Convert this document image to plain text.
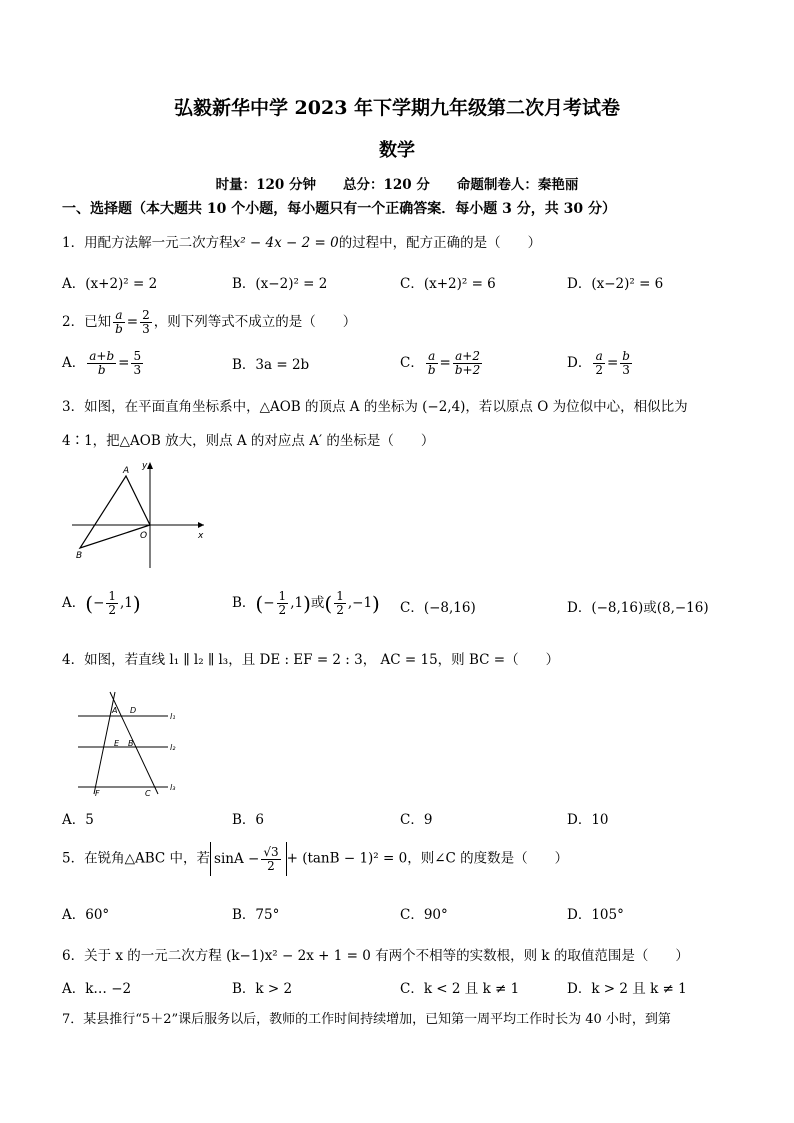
弘毅新华中学 2023 年下学期九年级第二次月考试卷
数学
时量：120 分钟　　总分：120 分　　命题制卷人：秦艳丽
一、选择题（本大题共 10 个小题，每小题只有一个正确答案．每小题 3 分，共 30 分）
1．用配方法解一元二次方程x² − 4x − 2 = 0的过程中，配方正确的是（　　）
A．(x+2)² = 2	B．(x−2)² = 2	C．(x+2)² = 6	D．(x−2)² = 6
2．已知 $\frac{a}{b} = \frac{2}{3}$ ，则下列等式不成立的是（　　）
A． $\frac{a+b}{b} = \frac{5}{3}$	B．3a = 2b	C． $\frac{a}{b} = \frac{a+2}{b+2}$	D． $\frac{a}{2} = \frac{b}{3}$
3．如图，在平面直角坐标系中，△AOB 的顶点 A 的坐标为 (−2,4)，若以原点 O 为位似中心，相似比为
4∶1，把△AOB 放大，则点 A 的对应点 A′ 的坐标是（　　）
A
B
O
y
x
A．(− $\frac{1}{2} ,1$)	B．(− $\frac{1}{2} ,1$)或( $\frac{1}{2} ,-1$) C．(−8,16)	D．(−8,16)或(8,−16)
4．如图，若直线 l₁ ∥ l₂ ∥ l₃，且 DE : EF = 2 : 3， AC = 15，则 BC =（　　）
A D
E B
F	C
l₁
l₂
l₃
A．5	B．6	C．9	D．10
5．在锐角△ABC 中，若 $\sin A - \frac{√3}{2} + (\tan B - 1)^2 = 0$，则∠C 的度数是（　　）
A．60°	B．75°	C．90°	D．105°
6．关于 x 的一元二次方程 (k−1)x² − 2x + 1 = 0 有两个不相等的实数根，则 k 的取值范围是（　　）
A．k… −2	B．k > 2	C．k < 2 且 k ≠ 1	D．k > 2 且 k ≠ 1
7．某县推行“5＋2”课后服务以后，教师的工作时间持续增加，已知第一周平均工作时长为 40 小时，到第
